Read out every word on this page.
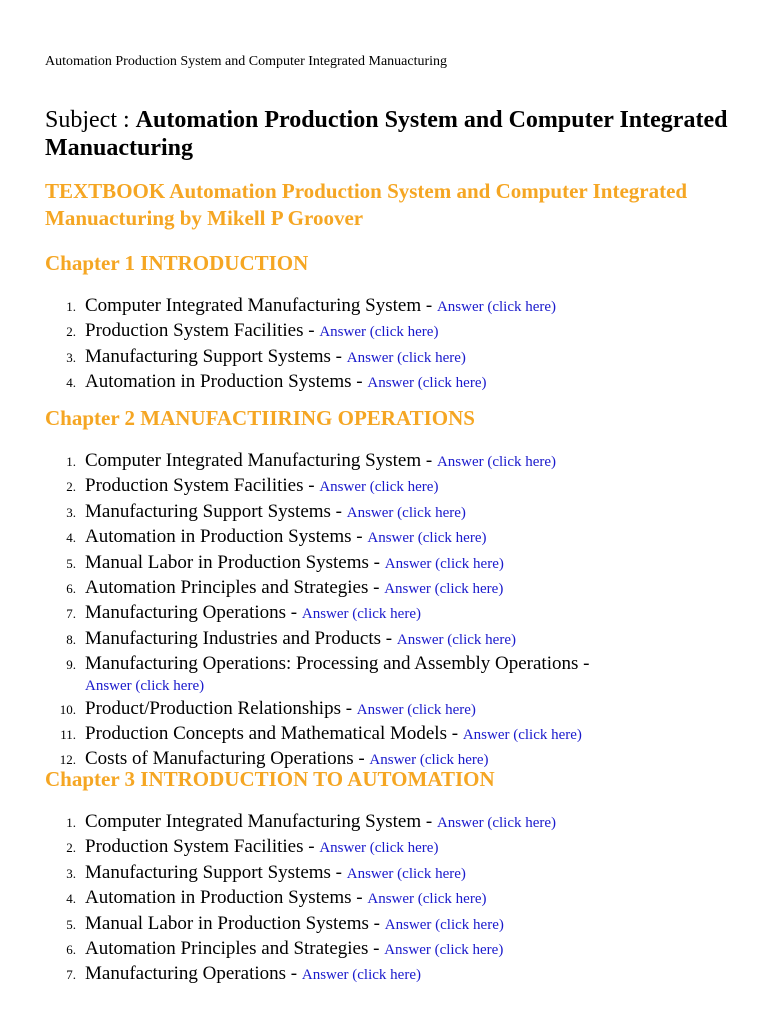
Automation Production System and Computer Integrated Manuacturing
Subject : Automation Production System and Computer Integrated Manuacturing
TEXTBOOK Automation Production System and Computer Integrated Manuacturing by Mikell P Groover
Chapter 1 INTRODUCTION
1. Computer Integrated Manufacturing System - Answer (click here)
2. Production System Facilities - Answer (click here)
3. Manufacturing Support Systems - Answer (click here)
4. Automation in Production Systems - Answer (click here)
Chapter 2 MANUFACTIIRING OPERATIONS
1. Computer Integrated Manufacturing System - Answer (click here)
2. Production System Facilities - Answer (click here)
3. Manufacturing Support Systems - Answer (click here)
4. Automation in Production Systems - Answer (click here)
5. Manual Labor in Production Systems - Answer (click here)
6. Automation Principles and Strategies - Answer (click here)
7. Manufacturing Operations - Answer (click here)
8. Manufacturing Industries and Products - Answer (click here)
9. Manufacturing Operations: Processing and Assembly Operations -
Answer (click here)
10. Product/Production Relationships - Answer (click here)
11. Production Concepts and Mathematical Models - Answer (click here)
12. Costs of Manufacturing Operations - Answer (click here)
Chapter 3 INTRODUCTION TO AUTOMATION
1. Computer Integrated Manufacturing System - Answer (click here)
2. Production System Facilities - Answer (click here)
3. Manufacturing Support Systems - Answer (click here)
4. Automation in Production Systems - Answer (click here)
5. Manual Labor in Production Systems - Answer (click here)
6. Automation Principles and Strategies - Answer (click here)
7. Manufacturing Operations - Answer (click here)
